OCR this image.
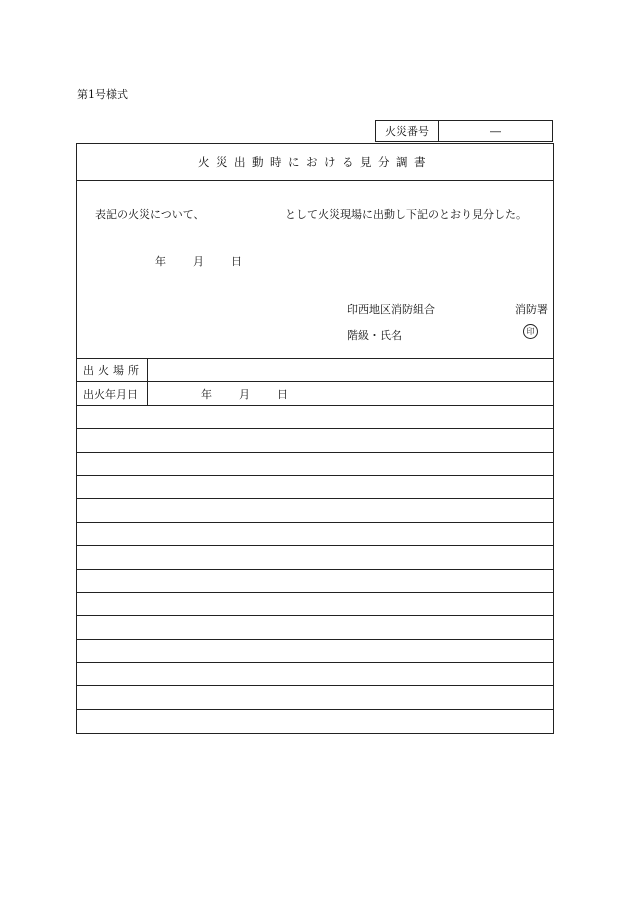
第1号様式
火災番号	―
火災出動時における見分調書
表記の火災について、	として火災現場に出動し下記のとおり見分した。
年	月	日
印西地区消防組合	消防署
階級・氏名	印
出火場所
出火年月日	年	月	日
